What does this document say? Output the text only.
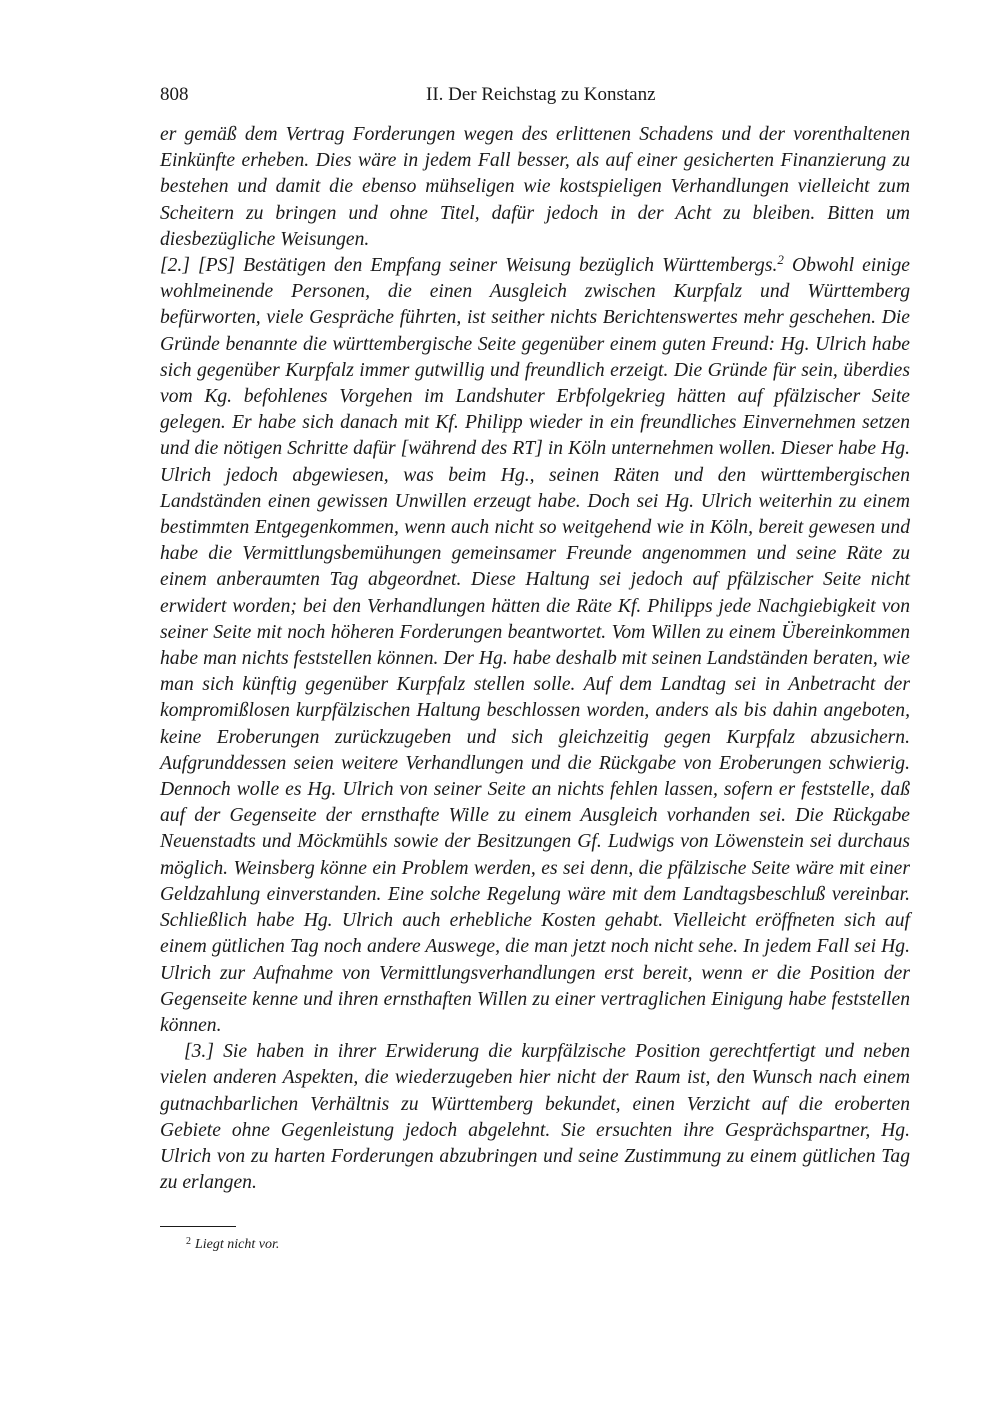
808	II. Der Reichstag zu Konstanz

er gemäß dem Vertrag Forderungen wegen des erlittenen Schadens und der vorenthaltenen Einkünfte erheben. Dies wäre in jedem Fall besser, als auf einer gesicherten Finanzierung zu bestehen und damit die ebenso mühseligen wie kostspieligen Verhandlungen vielleicht zum Scheitern zu bringen und ohne Titel, dafür jedoch in der Acht zu bleiben. Bitten um diesbezügliche Weisungen.

[2.] [PS] Bestätigen den Empfang seiner Weisung bezüglich Württembergs.$^2$ Obwohl einige wohlmeinende Personen, die einen Ausgleich zwischen Kurpfalz und Württemberg befürworten, viele Gespräche führten, ist seither nichts Berichtenswertes mehr geschehen. Die Gründe benannte die württembergische Seite gegenüber einem guten Freund: Hg. Ulrich habe sich gegenüber Kurpfalz immer gutwillig und freundlich erzeigt. Die Gründe für sein, überdies vom Kg. befohlenes Vorgehen im Landshuter Erbfolgekrieg hätten auf pfälzischer Seite gelegen. Er habe sich danach mit Kf. Philipp wieder in ein freundliches Einvernehmen setzen und die nötigen Schritte dafür [während des RT] in Köln unternehmen wollen. Dieser habe Hg. Ulrich jedoch abgewiesen, was beim Hg., seinen Räten und den württembergischen Landständen einen gewissen Unwillen erzeugt habe. Doch sei Hg. Ulrich weiterhin zu einem bestimmten Entgegenkommen, wenn auch nicht so weitgehend wie in Köln, bereit gewesen und habe die Vermittlungsbemühungen gemeinsamer Freunde angenommen und seine Räte zu einem anberaumten Tag abgeordnet. Diese Haltung sei jedoch auf pfälzischer Seite nicht erwidert worden; bei den Verhandlungen hätten die Räte Kf. Philipps jede Nachgiebigkeit von seiner Seite mit noch höheren Forderungen beantwortet. Vom Willen zu einem Übereinkommen habe man nichts feststellen können. Der Hg. habe deshalb mit seinen Landständen beraten, wie man sich künftig gegenüber Kurpfalz stellen solle. Auf dem Landtag sei in Anbetracht der kompromißlosen kurpfälzischen Haltung beschlossen worden, anders als bis dahin angeboten, keine Eroberungen zurückzugeben und sich gleichzeitig gegen Kurpfalz abzusichern. Aufgrunddessen seien weitere Verhandlungen und die Rückgabe von Eroberungen schwierig. Dennoch wolle es Hg. Ulrich von seiner Seite an nichts fehlen lassen, sofern er feststelle, daß auf der Gegenseite der ernsthafte Wille zu einem Ausgleich vorhanden sei. Die Rückgabe Neuenstadts und Möckmühls sowie der Besitzungen Gf. Ludwigs von Löwenstein sei durchaus möglich. Weinsberg könne ein Problem werden, es sei denn, die pfälzische Seite wäre mit einer Geldzahlung einverstanden. Eine solche Regelung wäre mit dem Landtagsbeschluß vereinbar. Schließlich habe Hg. Ulrich auch erhebliche Kosten gehabt. Vielleicht eröffneten sich auf einem gütlichen Tag noch andere Auswege, die man jetzt noch nicht sehe. In jedem Fall sei Hg. Ulrich zur Aufnahme von Vermittlungsverhandlungen erst bereit, wenn er die Position der Gegenseite kenne und ihren ernsthaften Willen zu einer vertraglichen Einigung habe feststellen können.

[3.] Sie haben in ihrer Erwiderung die kurpfälzische Position gerechtfertigt und neben vielen anderen Aspekten, die wiederzugeben hier nicht der Raum ist, den Wunsch nach einem gutnachbarlichen Verhältnis zu Württemberg bekundet, einen Verzicht auf die eroberten Gebiete ohne Gegenleistung jedoch abgelehnt. Sie ersuchten ihre Gesprächspartner, Hg. Ulrich von zu harten Forderungen abzubringen und seine Zustimmung zu einem gütlichen Tag zu erlangen.

$^2$ Liegt nicht vor.
